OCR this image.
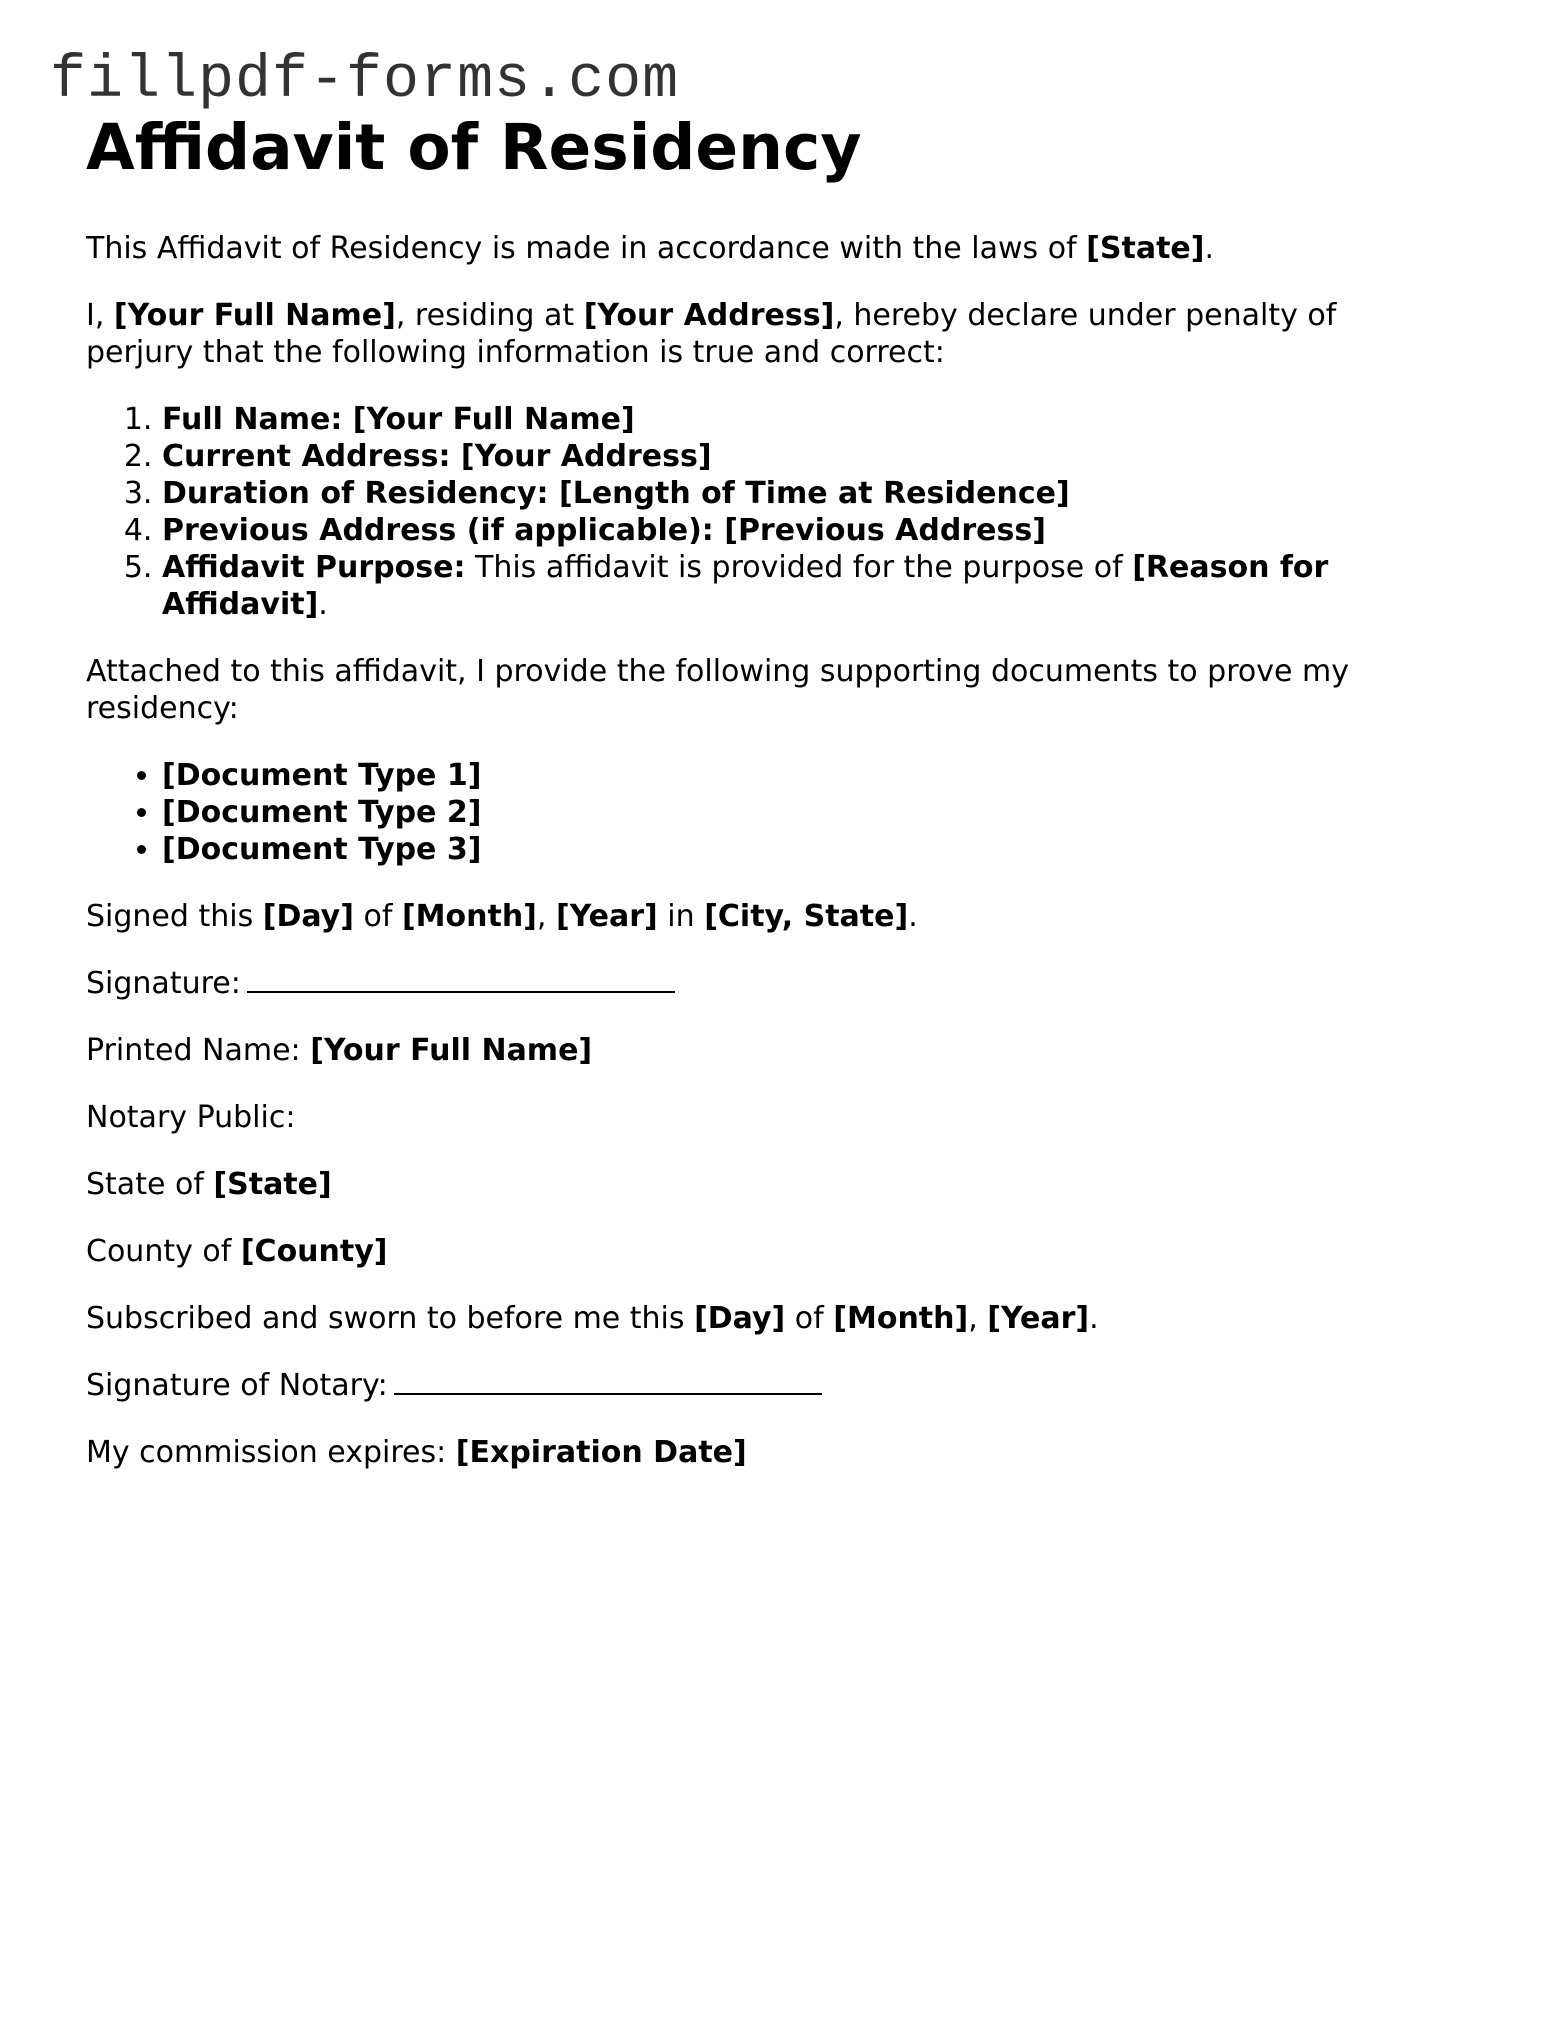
fillpdf-forms.com
Affidavit of Residency

This Affidavit of Residency is made in accordance with the laws of [State].

I, [Your Full Name], residing at [Your Address], hereby declare under penalty of perjury that the following information is true and correct:

1. Full Name: [Your Full Name]
2. Current Address: [Your Address]
3. Duration of Residency: [Length of Time at Residence]
4. Previous Address (if applicable): [Previous Address]
5. Affidavit Purpose: This affidavit is provided for the purpose of [Reason for Affidavit].

Attached to this affidavit, I provide the following supporting documents to prove my residency:

• [Document Type 1]
• [Document Type 2]
• [Document Type 3]

Signed this [Day] of [Month], [Year] in [City, State].

Signature:

Printed Name: [Your Full Name]

Notary Public:

State of [State]

County of [County]

Subscribed and sworn to before me this [Day] of [Month], [Year].

Signature of Notary:

My commission expires: [Expiration Date]
